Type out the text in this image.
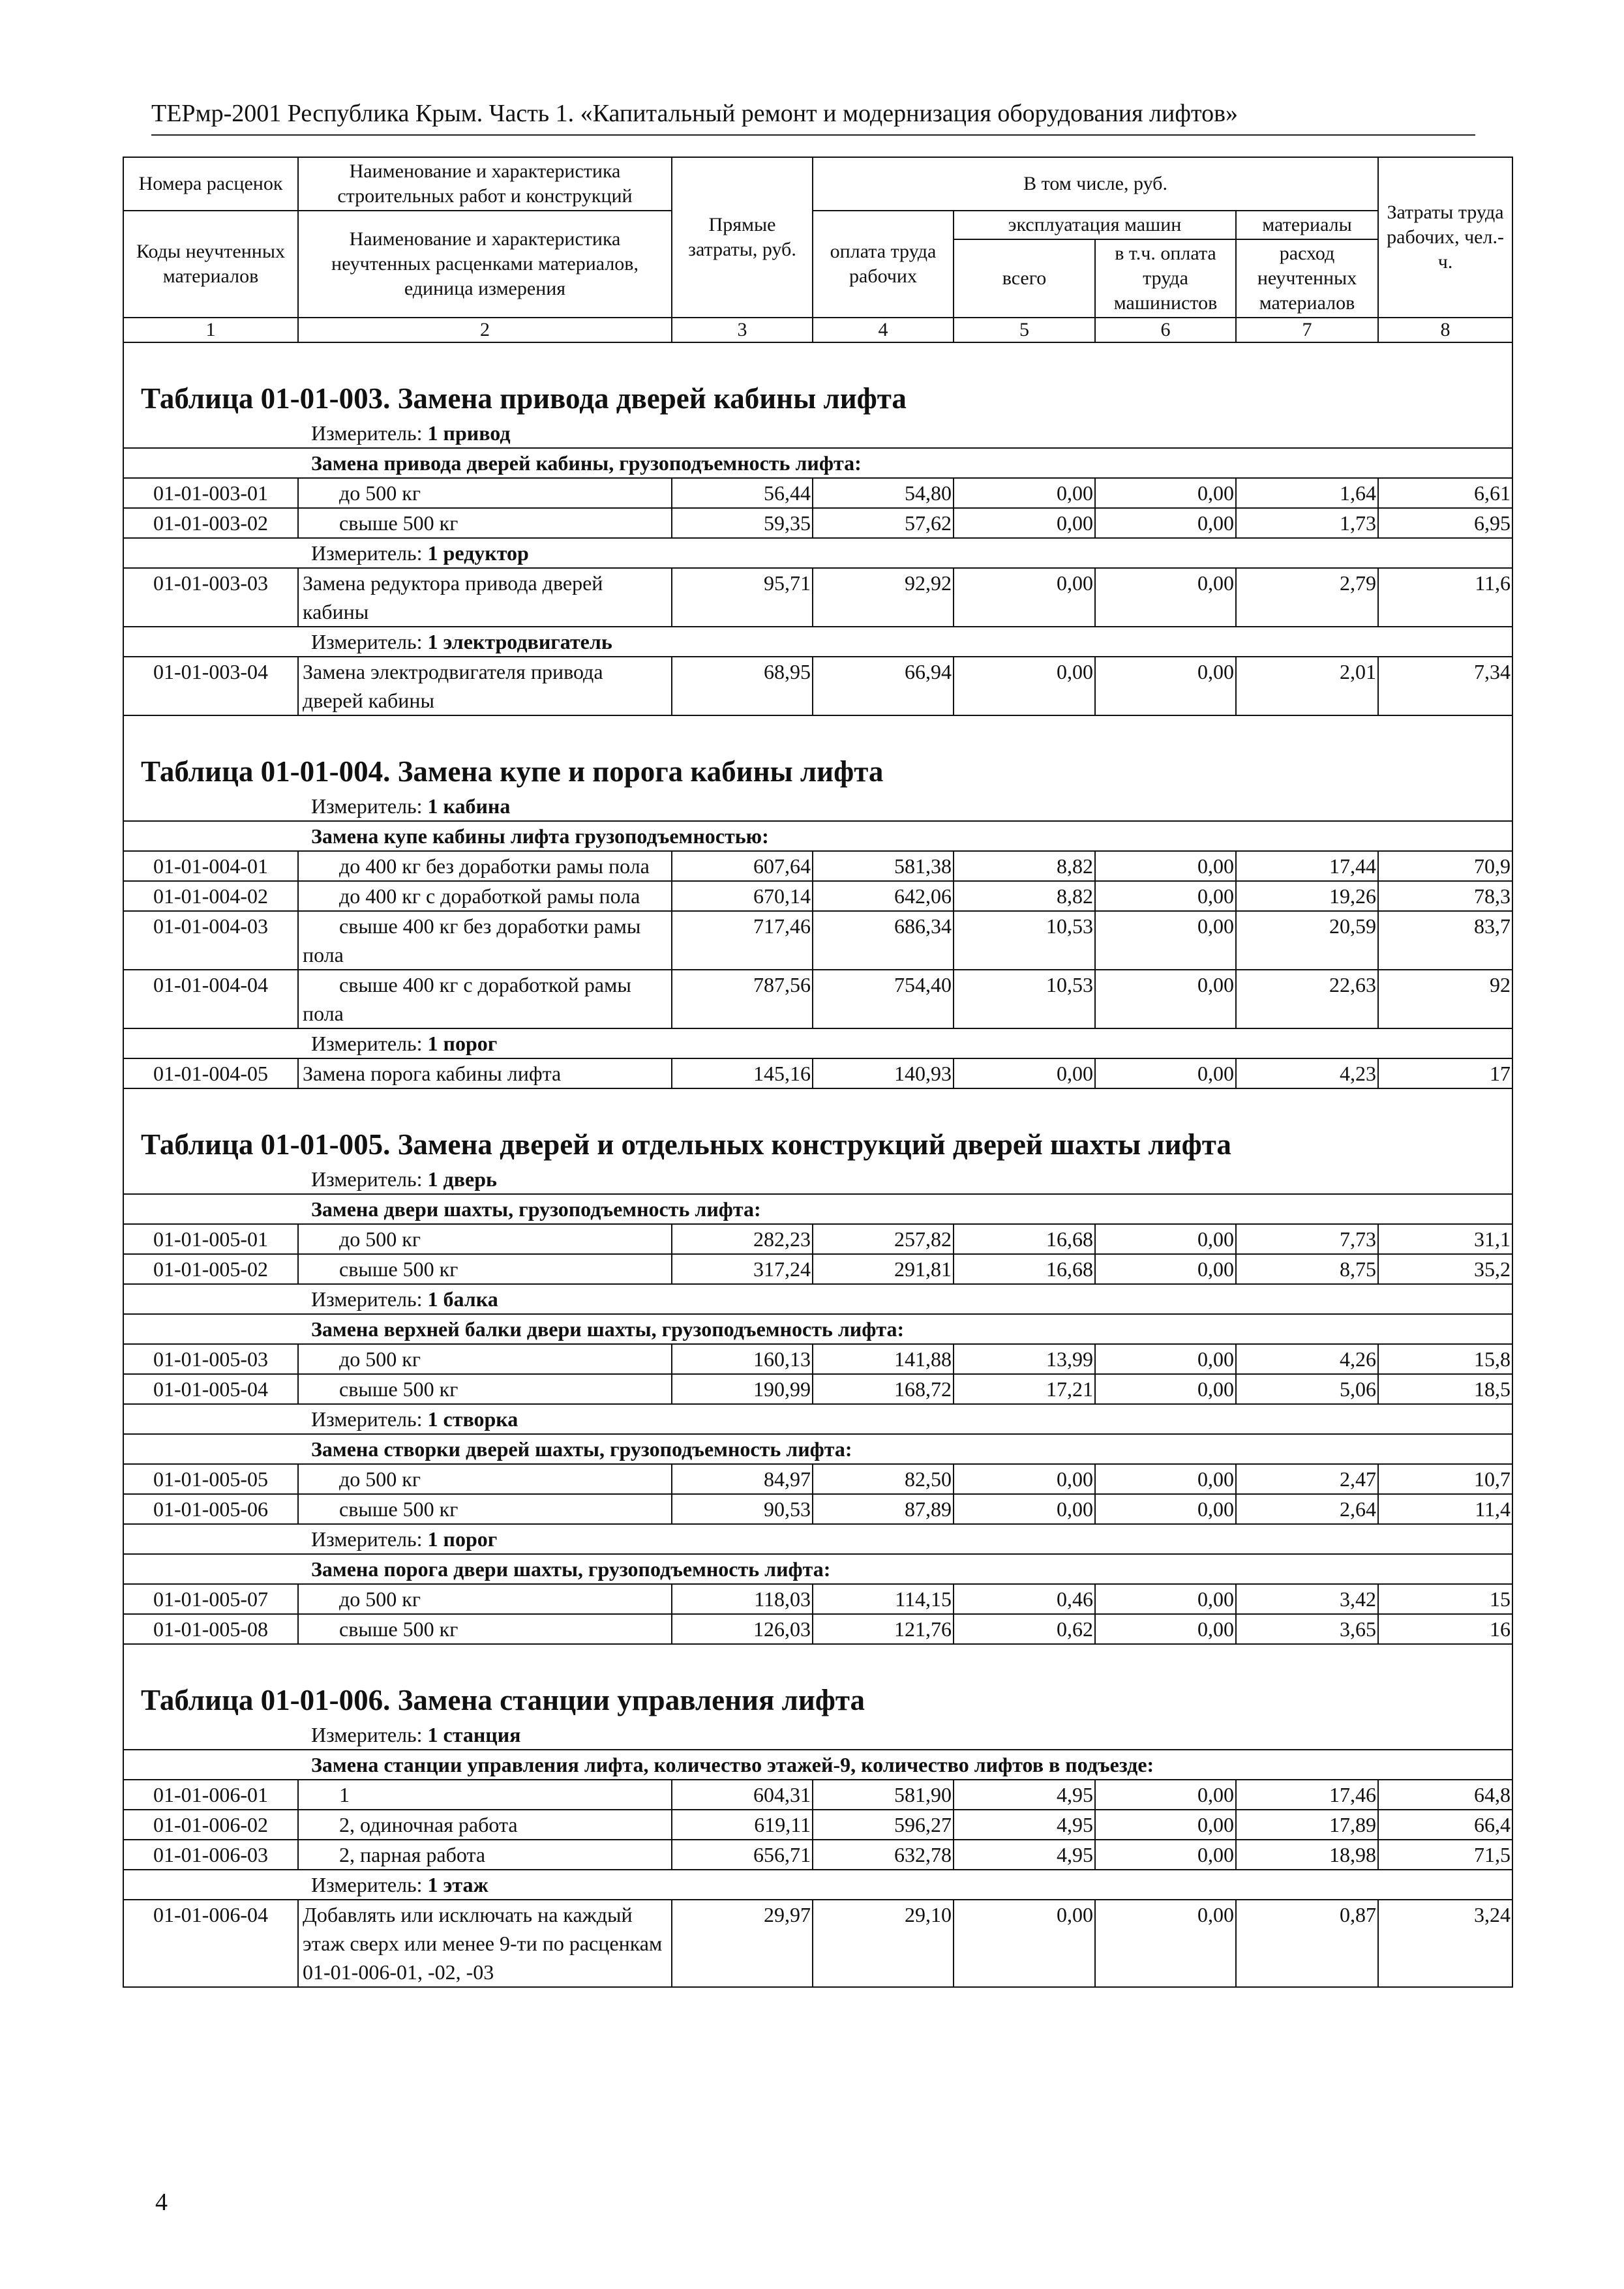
ТЕРмр-2001 Республика Крым. Часть 1. «Капитальный ремонт и модернизация оборудования лифтов»
Номера расценок	Наименование и характеристика строительных работ и конструкций	Прямые затраты, руб.	В том числе, руб.				Затраты труда рабочих, чел.-ч.
Коды неучтенных материалов	Наименование и характеристика неучтенных расценками материалов, единица измерения		оплата труда рабочих	эксплуатация машин		материалы	
				всего	в т.ч. оплата труда машинистов	расход неучтенных материалов	
1	2	3	4	5	6	7	8

Таблица 01-01-003. Замена привода дверей кабины лифта							
Измеритель: 1 привод							
Замена привода дверей кабины, грузоподъемность лифта:							
01-01-003-01	до 500 кг	56,44	54,80	0,00	0,00	1,64	6,61
01-01-003-02	свыше 500 кг	59,35	57,62	0,00	0,00	1,73	6,95
Измеритель: 1 редуктор							
01-01-003-03	Замена редуктора привода дверей кабины	95,71	92,92	0,00	0,00	2,79	11,6
Измеритель: 1 электродвигатель							
01-01-003-04	Замена электродвигателя привода дверей кабины	68,95	66,94	0,00	0,00	2,01	7,34

Таблица 01-01-004. Замена купе и порога кабины лифта							
Измеритель: 1 кабина							
Замена купе кабины лифта грузоподъемностью:							
01-01-004-01	до 400 кг без доработки рамы пола	607,64	581,38	8,82	0,00	17,44	70,9
01-01-004-02	до 400 кг с доработкой рамы пола	670,14	642,06	8,82	0,00	19,26	78,3
01-01-004-03	свыше 400 кг без доработки рамы пола	717,46	686,34	10,53	0,00	20,59	83,7
01-01-004-04	свыше 400 кг с доработкой рамы пола	787,56	754,40	10,53	0,00	22,63	92
Измеритель: 1 порог							
01-01-004-05	Замена порога кабины лифта	145,16	140,93	0,00	0,00	4,23	17

Таблица 01-01-005. Замена дверей и отдельных конструкций дверей шахты лифта							
Измеритель: 1 дверь							
Замена двери шахты, грузоподъемность лифта:							
01-01-005-01	до 500 кг	282,23	257,82	16,68	0,00	7,73	31,1
01-01-005-02	свыше 500 кг	317,24	291,81	16,68	0,00	8,75	35,2
Измеритель: 1 балка							
Замена верхней балки двери шахты, грузоподъемность лифта:							
01-01-005-03	до 500 кг	160,13	141,88	13,99	0,00	4,26	15,8
01-01-005-04	свыше 500 кг	190,99	168,72	17,21	0,00	5,06	18,5
Измеритель: 1 створка							
Замена створки дверей шахты, грузоподъемность лифта:							
01-01-005-05	до 500 кг	84,97	82,50	0,00	0,00	2,47	10,7
01-01-005-06	свыше 500 кг	90,53	87,89	0,00	0,00	2,64	11,4
Измеритель: 1 порог							
Замена порога двери шахты, грузоподъемность лифта:							
01-01-005-07	до 500 кг	118,03	114,15	0,46	0,00	3,42	15
01-01-005-08	свыше 500 кг	126,03	121,76	0,62	0,00	3,65	16

Таблица 01-01-006. Замена станции управления лифта							
Измеритель: 1 станция							
Замена станции управления лифта, количество этажей-9, количество лифтов в подъезде:							
01-01-006-01	1	604,31	581,90	4,95	0,00	17,46	64,8
01-01-006-02	2, одиночная работа	619,11	596,27	4,95	0,00	17,89	66,4
01-01-006-03	2, парная работа	656,71	632,78	4,95	0,00	18,98	71,5
Измеритель: 1 этаж							
01-01-006-04	Добавлять или исключать на каждый этаж сверх или менее 9-ти по расценкам 01-01-006-01, -02, -03	29,97	29,10	0,00	0,00	0,87	3,24
4
